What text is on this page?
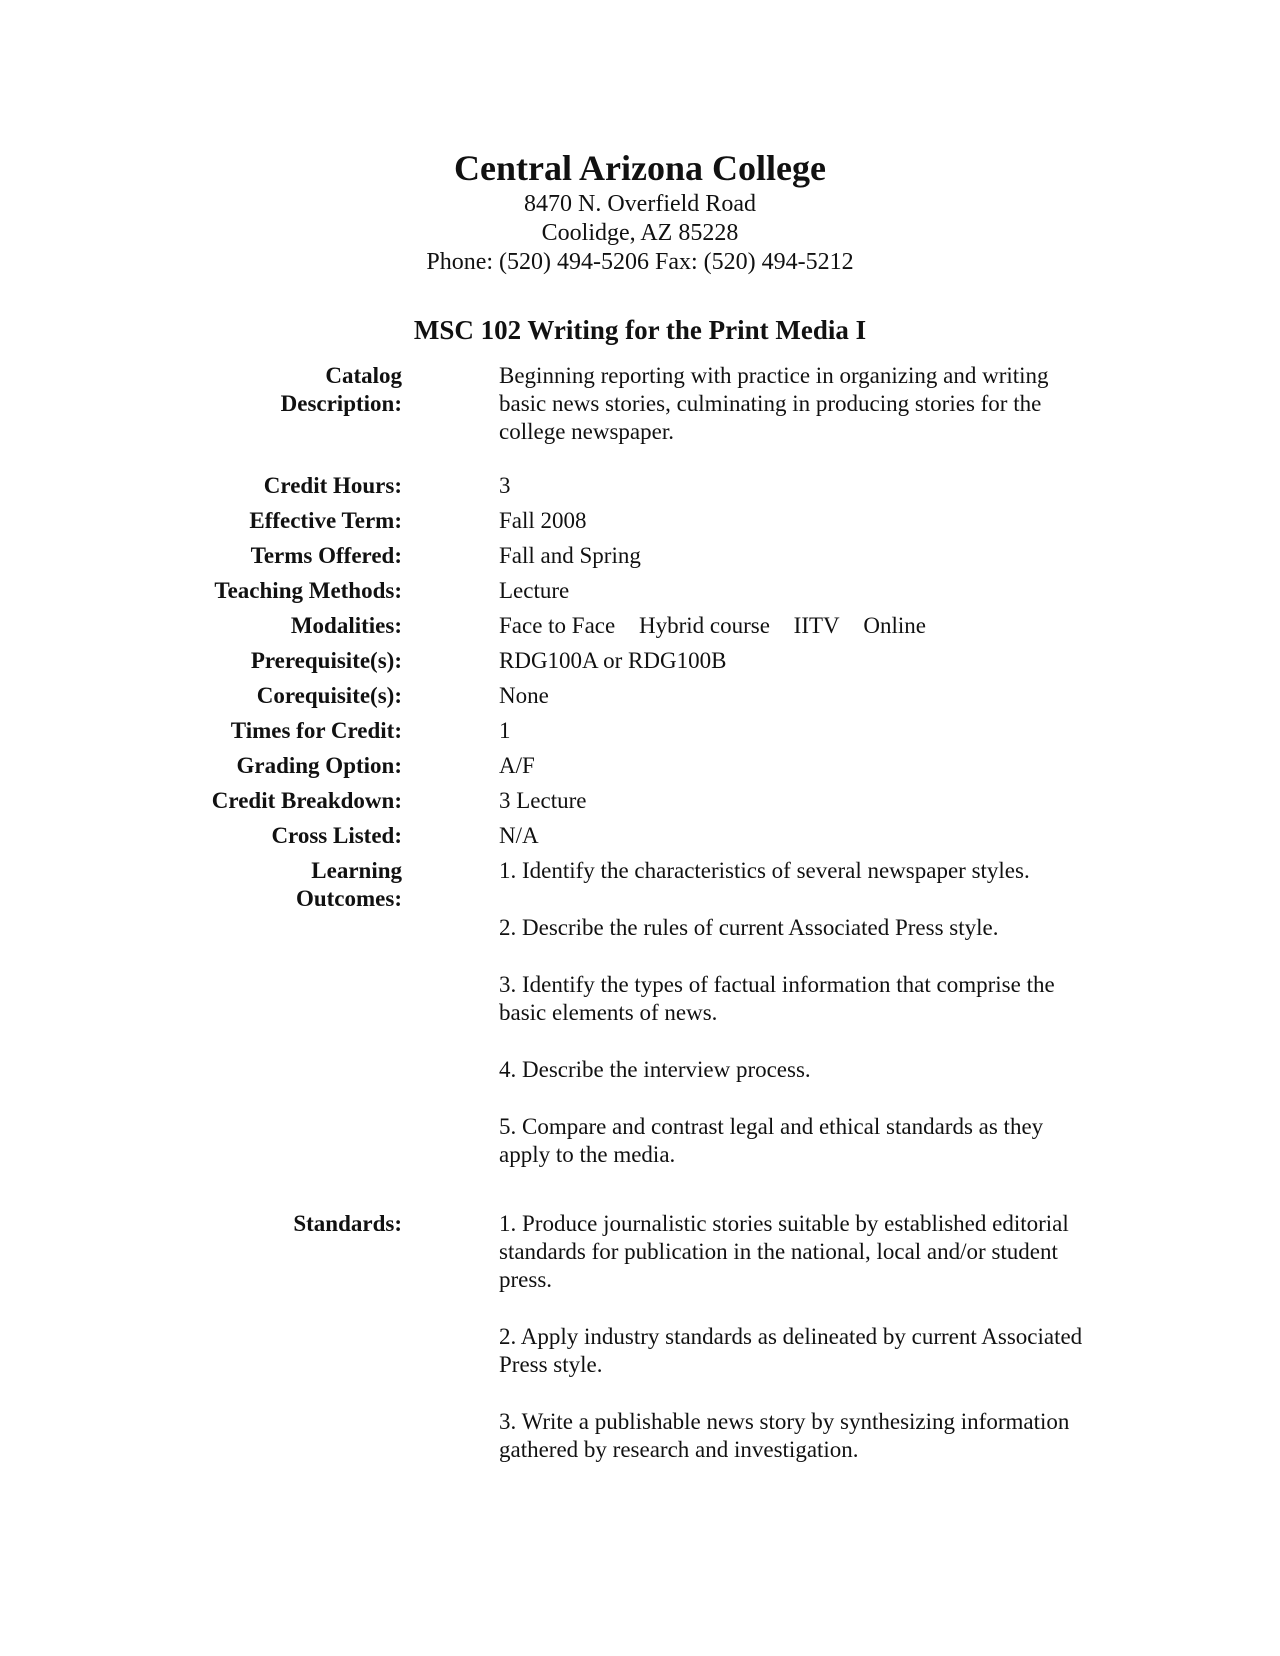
Central Arizona College

8470 N. Overfield Road

Coolidge, AZ 85228

Phone: (520) 494-5206 Fax: (520) 494-5212

MSC 102 Writing for the Print Media I
Catalog
Description:
Beginning reporting with practice in organizing and writing basic news stories, culminating in producing stories for the college newspaper.
Credit Hours:	3
Effective Term:	Fall 2008
Terms Offered:	Fall and Spring
Teaching Methods:	Lecture
Modalities:	Face to Face Hybrid course IITV Online
Prerequisite(s):	RDG100A or RDG100B
Corequisite(s):	None
Times for Credit:	1
Grading Option:	A/F
Credit Breakdown:	3 Lecture
Cross Listed:	N/A
Learning
Outcomes:

1. Identify the characteristics of several newspaper styles.

2. Describe the rules of current Associated Press style.

3. Identify the types of factual information that comprise the basic elements of news.

4. Describe the interview process.

5. Compare and contrast legal and ethical standards as they apply to the media.

Standards:	1. Produce journalistic stories suitable by established editorial standards for publication in the national, local and/or student press.

2. Apply industry standards as delineated by current Associated Press style.

3. Write a publishable news story by synthesizing information gathered by research and investigation.
